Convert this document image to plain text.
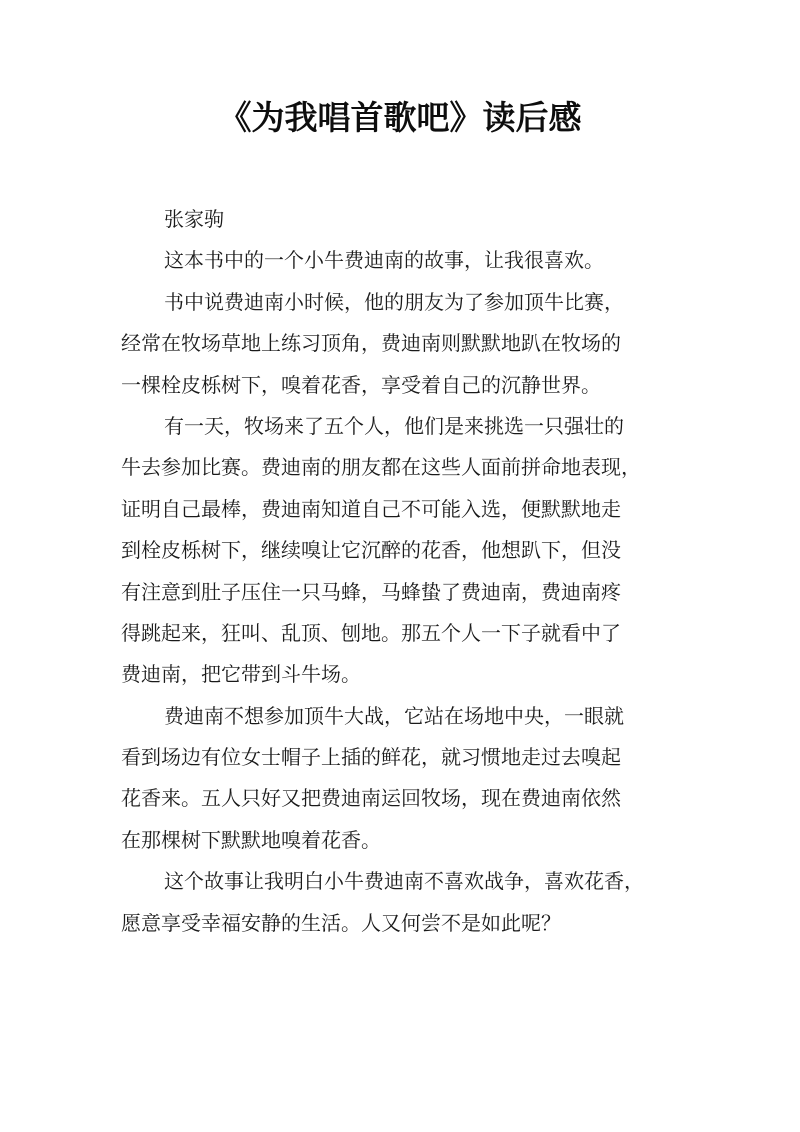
《为我唱首歌吧》读后感
张家驹
这本书中的一个小牛费迪南的故事，让我很喜欢。
书中说费迪南小时候，他的朋友为了参加顶牛比赛，
经常在牧场草地上练习顶角，费迪南则默默地趴在牧场的
一棵栓皮栎树下，嗅着花香，享受着自己的沉静世界。
有一天，牧场来了五个人，他们是来挑选一只强壮的
牛去参加比赛。费迪南的朋友都在这些人面前拼命地表现，
证明自己最棒，费迪南知道自己不可能入选，便默默地走
到栓皮栎树下，继续嗅让它沉醉的花香，他想趴下，但没
有注意到肚子压住一只马蜂，马蜂蛰了费迪南，费迪南疼
得跳起来，狂叫、乱顶、刨地。那五个人一下子就看中了
费迪南，把它带到斗牛场。
费迪南不想参加顶牛大战，它站在场地中央，一眼就
看到场边有位女士帽子上插的鲜花，就习惯地走过去嗅起
花香来。五人只好又把费迪南运回牧场，现在费迪南依然
在那棵树下默默地嗅着花香。
这个故事让我明白小牛费迪南不喜欢战争，喜欢花香，
愿意享受幸福安静的生活。人又何尝不是如此呢？
